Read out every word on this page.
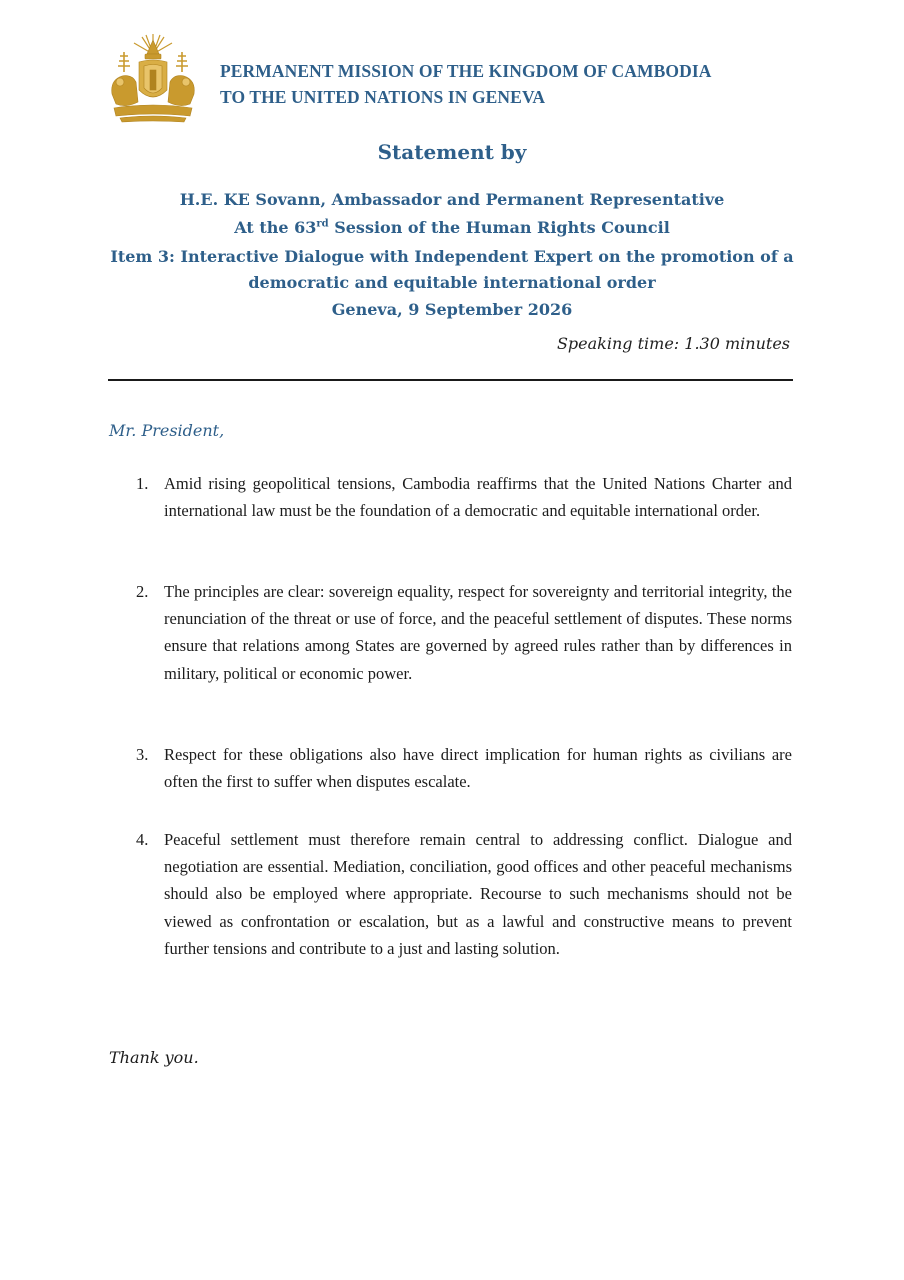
PERMANENT MISSION OF THE KINGDOM OF CAMBODIA
TO THE UNITED NATIONS IN GENEVA
Statement by
H.E. KE Sovann, Ambassador and Permanent Representative
At the 63rd Session of the Human Rights Council
Item 3: Interactive Dialogue with Independent Expert on the promotion of a
democratic and equitable international order
Geneva, 9 September 2026
Speaking time: 1.30 minutes
Mr. President,
1. Amid rising geopolitical tensions, Cambodia reaffirms that the United Nations Charter and international law must be the foundation of a democratic and equitable international order.
2. The principles are clear: sovereign equality, respect for sovereignty and territorial integrity, the renunciation of the threat or use of force, and the peaceful settlement of disputes. These norms ensure that relations among States are governed by agreed rules rather than by differences in military, political or economic power.
3. Respect for these obligations also have direct implication for human rights as civilians are often the first to suffer when disputes escalate.
4. Peaceful settlement must therefore remain central to addressing conflict. Dialogue and negotiation are essential. Mediation, conciliation, good offices and other peaceful mechanisms should also be employed where appropriate. Recourse to such mechanisms should not be viewed as confrontation or escalation, but as a lawful and constructive means to prevent further tensions and contribute to a just and lasting solution.
Thank you.
